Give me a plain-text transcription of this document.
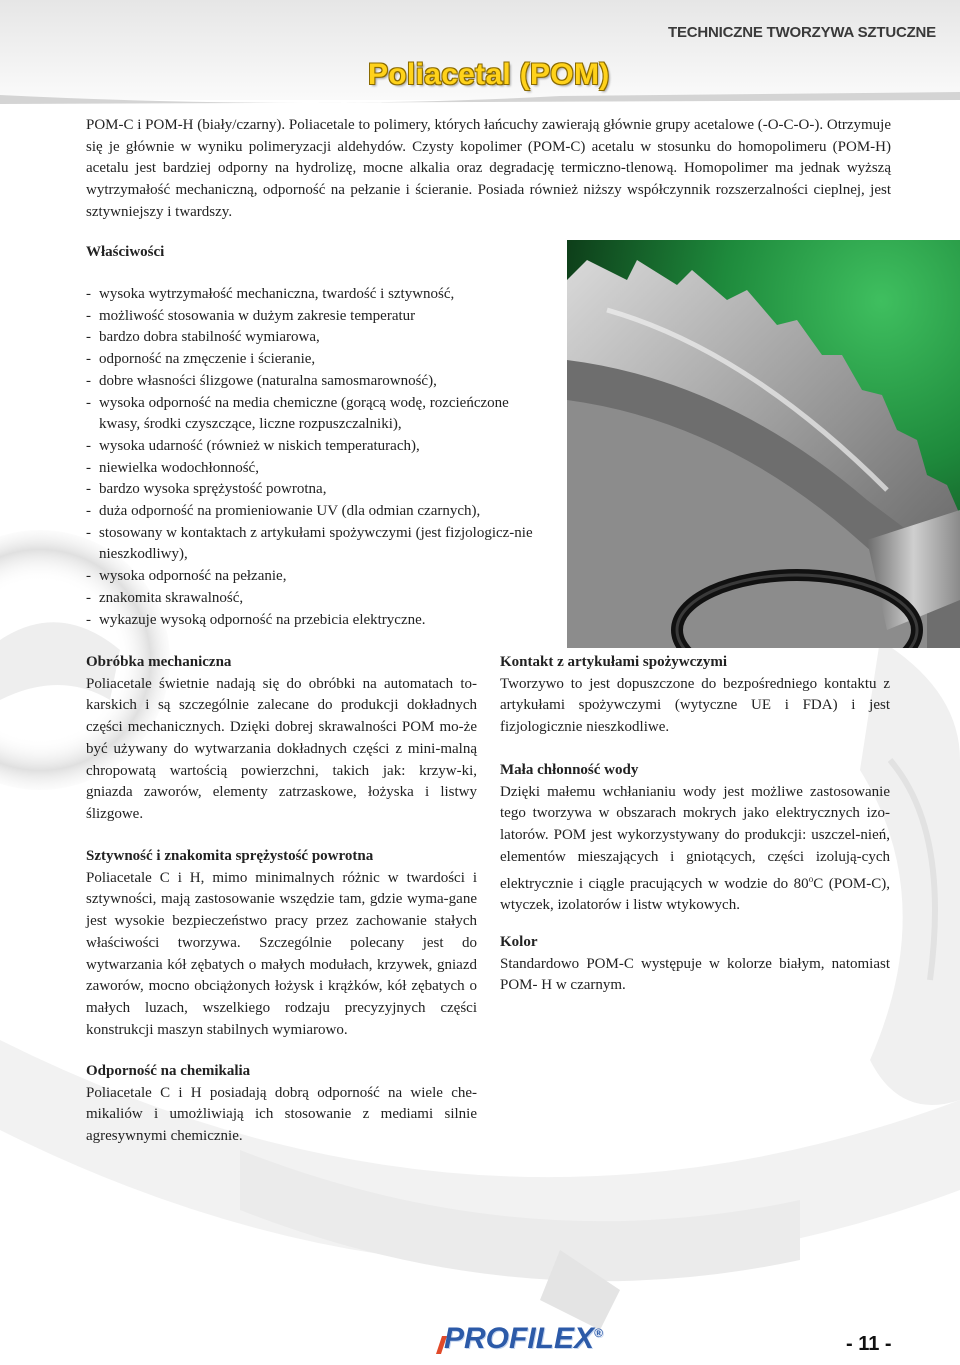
TECHNICZNE TWORZYWA SZTUCZNE
Poliacetal (POM)

POM-C i POM-H (biały/czarny). Poliacetale to polimery, których łańcuchy zawierają głównie grupy acetalowe (-O-C-O-). Otrzymuje się je głównie w wyniku polimeryzacji aldehydów. Czysty kopolimer (POM-C) acetalu w stosunku do homopolimeru (POM-H) acetalu jest bardziej odporny na hydrolizę, mocne alkalia oraz degradację termiczno-tlenową. Homopolimer ma jednak wyższą wytrzymałość mechaniczną, odporność na pełzanie i ścieranie. Posiada również niższy współczynnik rozszerzalności cieplnej, jest sztywniejszy i twardszy.

Właściwości
- wysoka wytrzymałość mechaniczna, twardość i sztywność,
- możliwość stosowania w dużym zakresie temperatur
- bardzo dobra stabilność wymiarowa,
- odporność na zmęczenie i ścieranie,
- dobre własności ślizgowe (naturalna samosmarowność),
- wysoka odporność na media chemiczne (gorącą wodę, rozcieńczone kwasy, środki czyszczące, liczne rozpuszczalniki),
- wysoka udarność (również w niskich temperaturach),
- niewielka wodochłonność,
- bardzo wysoka sprężystość powrotna,
- duża odporność na promieniowanie UV (dla odmian czarnych),
- stosowany w kontaktach z artykułami spożywczymi (jest fizjologicz-nie nieszkodliwy),
- wysoka odporność na pełzanie,
- znakomita skrawalność,
- wykazuje wysoką odporność na przebicia elektryczne.
Obróbka mechaniczna

Poliacetale świetnie nadają się do obróbki na automatach to-karskich i są szczególnie zalecane do produkcji dokładnych części mechanicznych. Dzięki dobrej skrawalności POM mo-że być używany do wytwarzania dokładnych części z mini-malną chropowatą wartością powierzchni, takich jak: krzyw-ki, gniazda zaworów, elementy zatrzaskowe, łożyska i listwy ślizgowe.

Sztywność i znakomita sprężystość powrotna

Poliacetale C i H, mimo minimalnych różnic w twardości i sztywności, mają zastosowanie wszędzie tam, gdzie wyma-gane jest wysokie bezpieczeństwo pracy przez zachowanie stałych właściwości tworzywa. Szczególnie polecany jest do wytwarzania kół zębatych o małych modułach, krzywek, gniazd zaworów, mocno obciążonych łożysk i krążków, kół zębatych o małych luzach, wszelkiego rodzaju precyzyjnych części konstrukcji maszyn stabilnych wymiarowo.

Odporność na chemikalia

Poliacetale C i H posiadają dobrą odporność na wiele che-mikaliów i umożliwiają ich stosowanie z mediami silnie agresywnymi chemicznie.

Kontakt z artykułami spożywczymi

Tworzywo to jest dopuszczone do bezpośredniego kontaktu z artykułami spożywczymi (wytyczne UE i FDA) i jest fizjologicznie nieszkodliwe.

Mała chłonność wody

Dzięki małemu wchłanianiu wody jest możliwe zastosowanie tego tworzywa w obszarach mokrych jako elektrycznych izo-latorów. POM jest wykorzystywany do produkcji: uszczel-nień, elementów mieszających i gniotących, części izolują-cych elektrycznie i ciągle pracujących w wodzie do 80$^o$C (POM-C), wtyczek, izolatorów i listw wtykowych.

Kolor

Standardowo POM-C występuje w kolorze białym, natomiast POM- H w czarnym.

PROFILEX®	- 11 -
